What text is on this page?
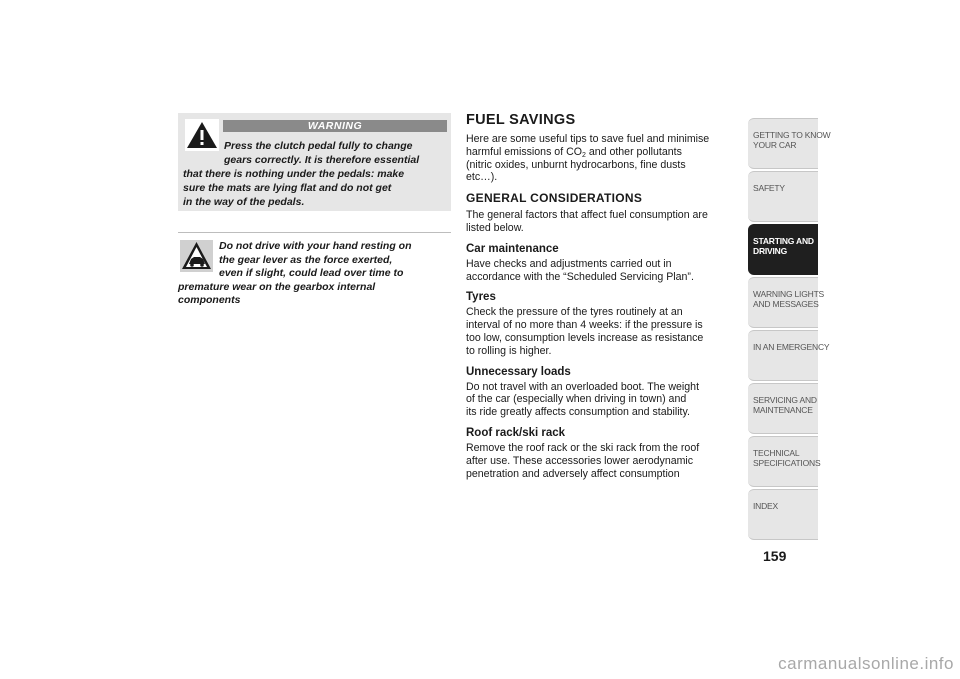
WARNING
Press the clutch pedal fully to change
gears correctly. It is therefore essential
that there is nothing under the pedals: make
sure the mats are lying flat and do not get
in the way of the pedals.
Do not drive with your hand resting on
the gear lever as the force exerted,
even if slight, could lead over time to
premature wear on the gearbox internal
components
FUEL SAVINGS

Here are some useful tips to save fuel and minimise
harmful emissions of $CO_2$ and other pollutants
(nitric oxides, unburnt hydrocarbons, fine dusts
etc…).

GENERAL CONSIDERATIONS

The general factors that affect fuel consumption are
listed below.

Car maintenance

Have checks and adjustments carried out in
accordance with the “Scheduled Servicing Plan”.

Tyres

Check the pressure of the tyres routinely at an
interval of no more than 4 weeks: if the pressure is
too low, consumption levels increase as resistance
to rolling is higher.

Unnecessary loads

Do not travel with an overloaded boot. The weight
of the car (especially when driving in town) and
its ride greatly affects consumption and stability.

Roof rack/ski rack

Remove the roof rack or the ski rack from the roof
after use. These accessories lower aerodynamic
penetration and adversely affect consumption

GETTING TO KNOW
YOUR CAR
SAFETY
STARTING AND
DRIVING
WARNING LIGHTS
AND MESSAGES
IN AN EMERGENCY
SERVICING AND
MAINTENANCE
TECHNICAL
SPECIFICATIONS
INDEX
159
carmanualsonline.info
